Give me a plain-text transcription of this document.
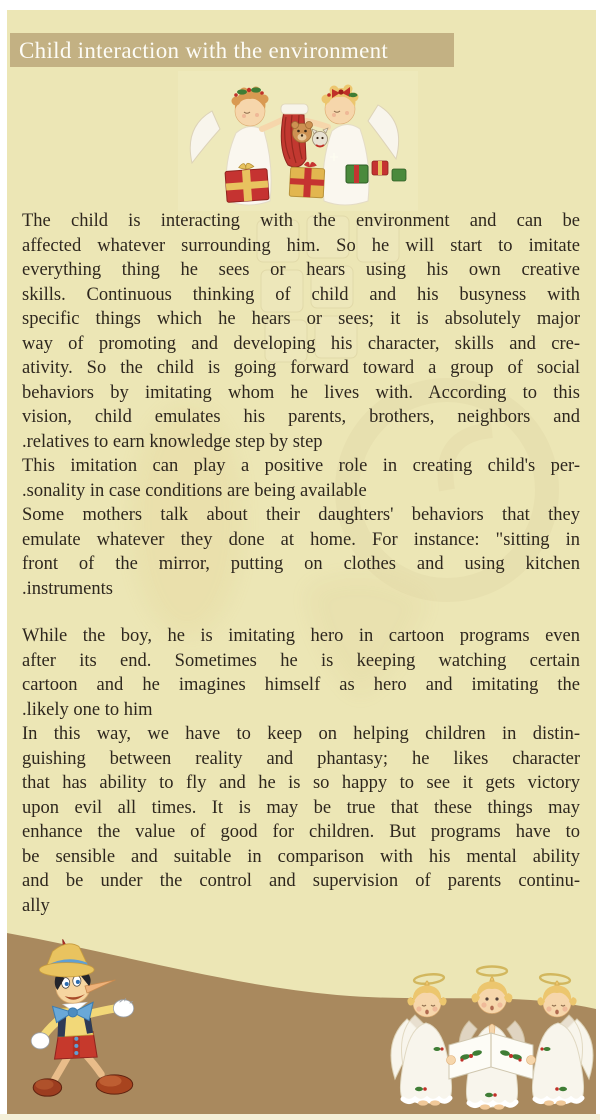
Child interaction with the environment
The child is interacting with the environment and can be
affected whatever surrounding him. So he will start to imitate
everything thing he sees or hears using his own creative
skills. Continuous thinking of child and his busyness with
specific things which he hears or sees; it is absolutely major
way of promoting and developing his character, skills and cre-
ativity. So the child is going forward toward a group of social
behaviors by imitating whom he lives with. According to this
vision, child emulates his parents, brothers, neighbors and
.relatives to earn knowledge step by step
This imitation can play a positive role in creating child's per-
.sonality in case conditions are being available
Some mothers talk about their daughters' behaviors that they
emulate whatever they done at home. For instance: "sitting in
front of the mirror, putting on clothes and using kitchen
.instruments
While the boy, he is imitating hero in cartoon programs even
after its end. Sometimes he is keeping watching certain
cartoon and he imagines himself as hero and imitating the
.likely one to him
In this way, we have to keep on helping children in distin-
guishing between reality and phantasy; he likes character
that has ability to fly and he is so happy to see it gets victory
upon evil all times. It is may be true that these things may
enhance the value of good for children. But programs have to
be sensible and suitable in comparison with his mental ability
and be under the control and supervision of parents continu-
ally
